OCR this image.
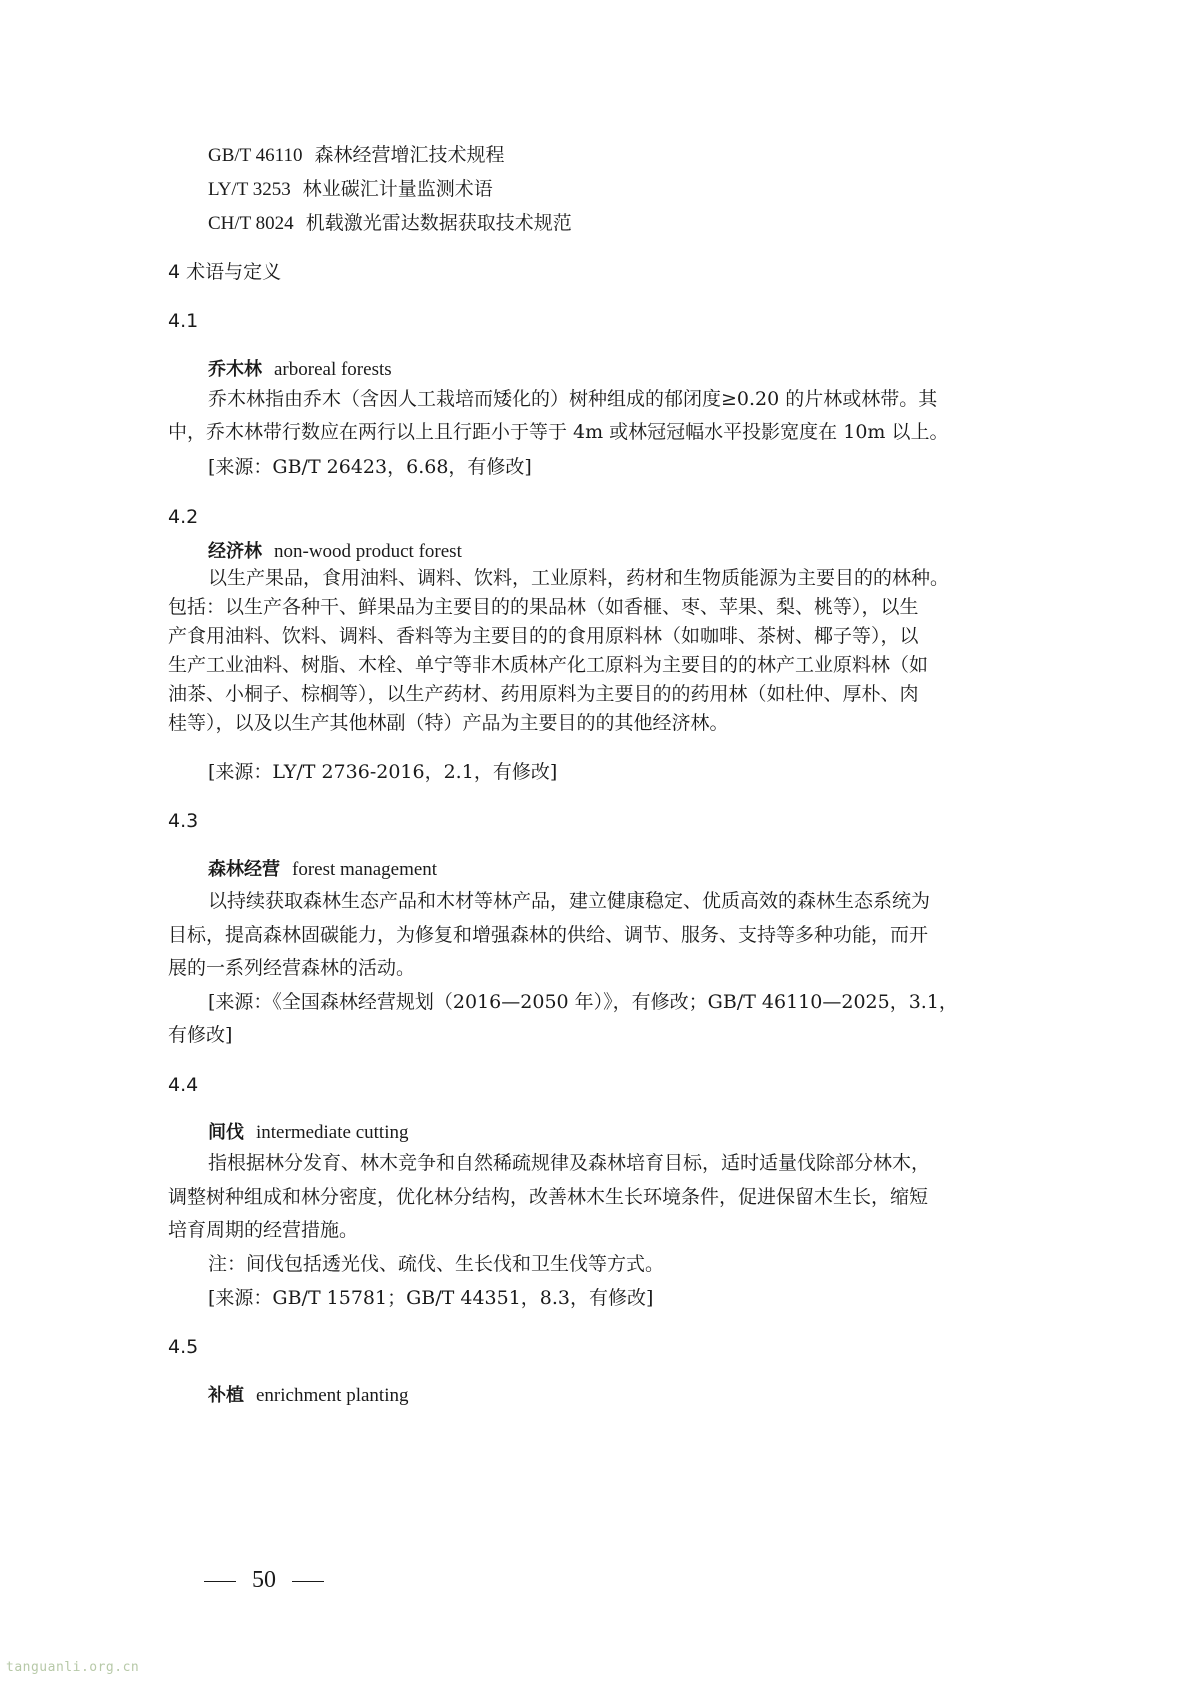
GB/T 46110 森林经营增汇技术规程
LY/T 3253 林业碳汇计量监测术语
CH/T 8024 机载激光雷达数据获取技术规范
4 术语与定义
4.1
乔木林 arboreal forests
乔木林指由乔木（含因人工栽培而矮化的）树种组成的郁闭度≥0.20 的片林或林带。其
中，乔木林带行数应在两行以上且行距小于等于 4m 或林冠冠幅水平投影宽度在 10m 以上。
[来源：GB/T 26423，6.68，有修改]
4.2
经济林 non-wood product forest
以生产果品，食用油料、调料、饮料，工业原料，药材和生物质能源为主要目的的林种。
包括：以生产各种干、鲜果品为主要目的的果品林（如香榧、枣、苹果、梨、桃等），以生
产食用油料、饮料、调料、香料等为主要目的的食用原料林（如咖啡、茶树、椰子等），以
生产工业油料、树脂、木栓、单宁等非木质林产化工原料为主要目的的林产工业原料林（如
油茶、小桐子、棕榈等），以生产药材、药用原料为主要目的的药用林（如杜仲、厚朴、肉
桂等），以及以生产其他林副（特）产品为主要目的的其他经济林。
[来源：LY/T 2736-2016，2.1，有修改]
4.3
森林经营 forest management
以持续获取森林生态产品和木材等林产品，建立健康稳定、优质高效的森林生态系统为
目标，提高森林固碳能力，为修复和增强森林的供给、调节、服务、支持等多种功能，而开
展的一系列经营森林的活动。
[来源：《全国森林经营规划（2016—2050 年）》，有修改；GB/T 46110—2025，3.1，
有修改]
4.4
间伐 intermediate cutting
指根据林分发育、林木竞争和自然稀疏规律及森林培育目标，适时适量伐除部分林木，
调整树种组成和林分密度，优化林分结构，改善林木生长环境条件，促进保留木生长，缩短
培育周期的经营措施。
注：间伐包括透光伐、疏伐、生长伐和卫生伐等方式。
[来源：GB/T 15781；GB/T 44351，8.3，有修改]
4.5
补植 enrichment planting
50
tanguanli.org.cn
